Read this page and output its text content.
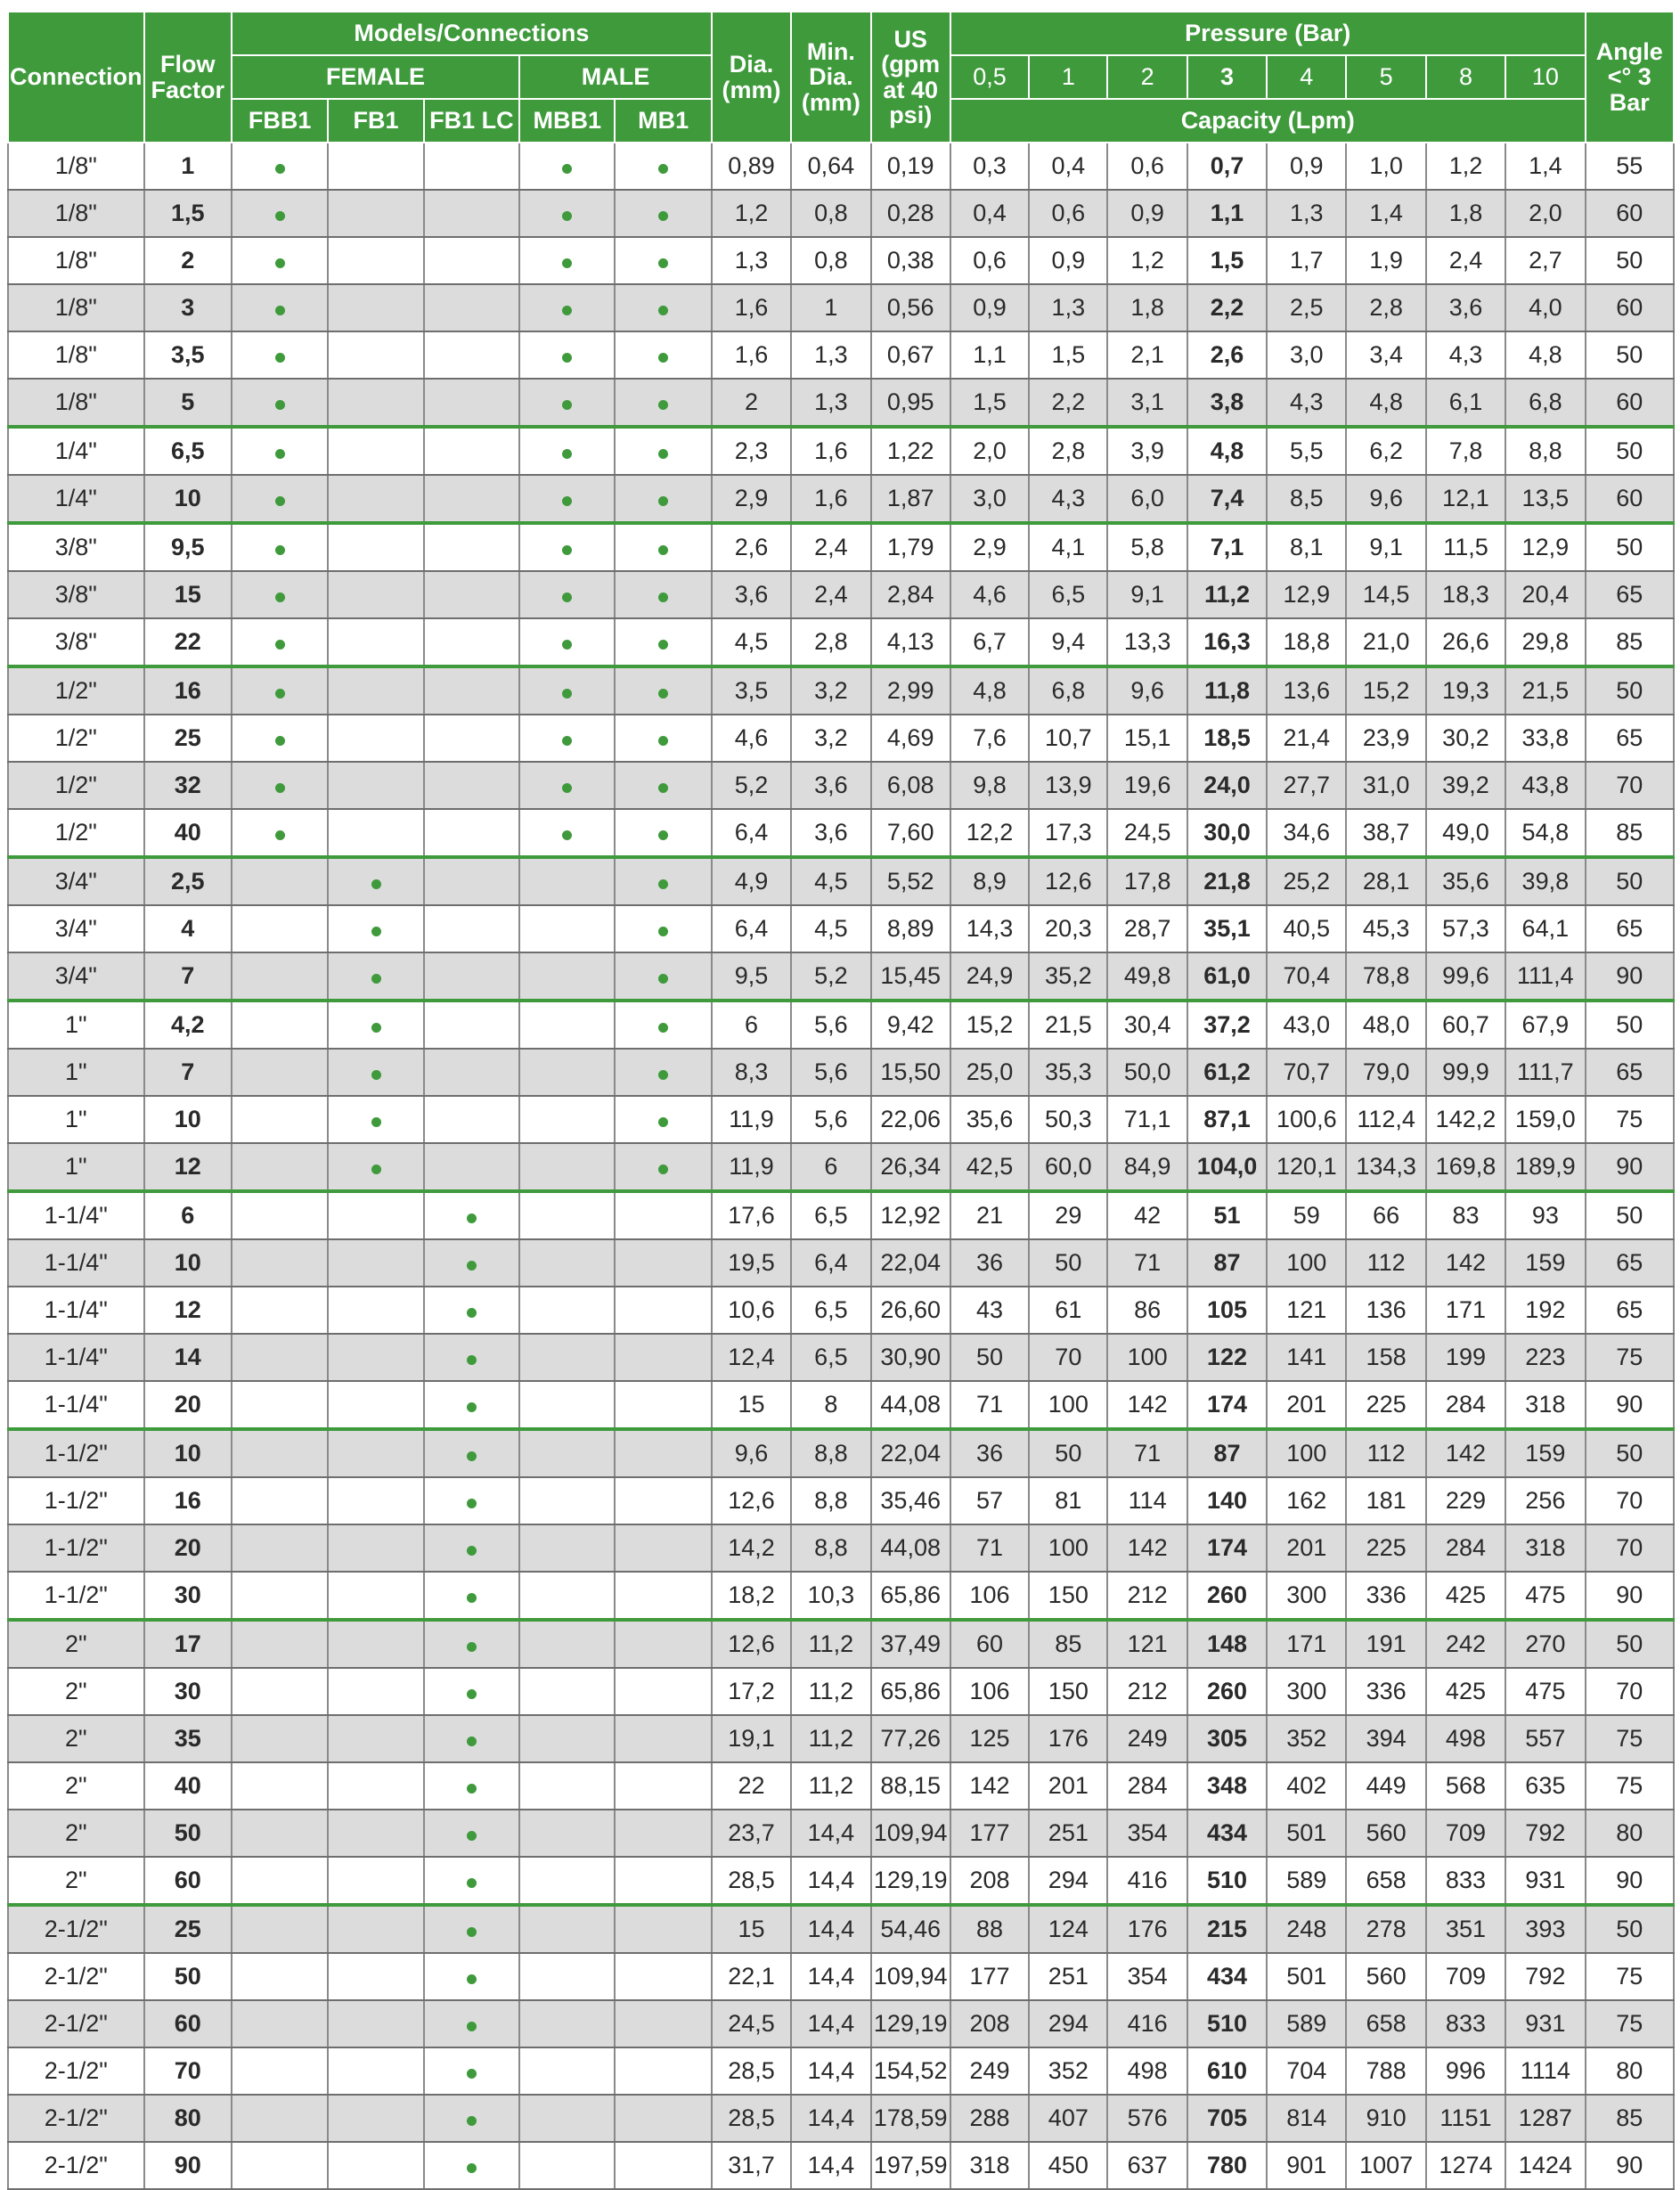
Connection	Flow Factor	Models/Connections					Dia. (mm)	Min. Dia. (mm)	US (gpm at 40 psi)	Pressure (Bar)								Angle <° 3 Bar
		FEMALE			MALE					0,5	1	2	3	4	5	8	10	
		FBB1	FB1	FB1 LC	MBB1	MB1				Capacity (Lpm)								
1/8"	1						0,89	0,64	0,19	0,3	0,4	0,6	0,7	0,9	1,0	1,2	1,4	55
1/8"	1,5						1,2	0,8	0,28	0,4	0,6	0,9	1,1	1,3	1,4	1,8	2,0	60
1/8"	2						1,3	0,8	0,38	0,6	0,9	1,2	1,5	1,7	1,9	2,4	2,7	50
1/8"	3						1,6	1	0,56	0,9	1,3	1,8	2,2	2,5	2,8	3,6	4,0	60
1/8"	3,5						1,6	1,3	0,67	1,1	1,5	2,1	2,6	3,0	3,4	4,3	4,8	50
1/8"	5						2	1,3	0,95	1,5	2,2	3,1	3,8	4,3	4,8	6,1	6,8	60
1/4"	6,5						2,3	1,6	1,22	2,0	2,8	3,9	4,8	5,5	6,2	7,8	8,8	50
1/4"	10						2,9	1,6	1,87	3,0	4,3	6,0	7,4	8,5	9,6	12,1	13,5	60
3/8"	9,5						2,6	2,4	1,79	2,9	4,1	5,8	7,1	8,1	9,1	11,5	12,9	50
3/8"	15						3,6	2,4	2,84	4,6	6,5	9,1	11,2	12,9	14,5	18,3	20,4	65
3/8"	22						4,5	2,8	4,13	6,7	9,4	13,3	16,3	18,8	21,0	26,6	29,8	85
1/2"	16						3,5	3,2	2,99	4,8	6,8	9,6	11,8	13,6	15,2	19,3	21,5	50
1/2"	25						4,6	3,2	4,69	7,6	10,7	15,1	18,5	21,4	23,9	30,2	33,8	65
1/2"	32						5,2	3,6	6,08	9,8	13,9	19,6	24,0	27,7	31,0	39,2	43,8	70
1/2"	40						6,4	3,6	7,60	12,2	17,3	24,5	30,0	34,6	38,7	49,0	54,8	85
3/4"	2,5						4,9	4,5	5,52	8,9	12,6	17,8	21,8	25,2	28,1	35,6	39,8	50
3/4"	4						6,4	4,5	8,89	14,3	20,3	28,7	35,1	40,5	45,3	57,3	64,1	65
3/4"	7						9,5	5,2	15,45	24,9	35,2	49,8	61,0	70,4	78,8	99,6	111,4	90
1"	4,2						6	5,6	9,42	15,2	21,5	30,4	37,2	43,0	48,0	60,7	67,9	50
1"	7						8,3	5,6	15,50	25,0	35,3	50,0	61,2	70,7	79,0	99,9	111,7	65
1"	10						11,9	5,6	22,06	35,6	50,3	71,1	87,1	100,6	112,4	142,2	159,0	75
1"	12						11,9	6	26,34	42,5	60,0	84,9	104,0	120,1	134,3	169,8	189,9	90
1-1/4"	6						17,6	6,5	12,92	21	29	42	51	59	66	83	93	50
1-1/4"	10						19,5	6,4	22,04	36	50	71	87	100	112	142	159	65
1-1/4"	12						10,6	6,5	26,60	43	61	86	105	121	136	171	192	65
1-1/4"	14						12,4	6,5	30,90	50	70	100	122	141	158	199	223	75
1-1/4"	20						15	8	44,08	71	100	142	174	201	225	284	318	90
1-1/2"	10						9,6	8,8	22,04	36	50	71	87	100	112	142	159	50
1-1/2"	16						12,6	8,8	35,46	57	81	114	140	162	181	229	256	70
1-1/2"	20						14,2	8,8	44,08	71	100	142	174	201	225	284	318	70
1-1/2"	30						18,2	10,3	65,86	106	150	212	260	300	336	425	475	90
2"	17						12,6	11,2	37,49	60	85	121	148	171	191	242	270	50
2"	30						17,2	11,2	65,86	106	150	212	260	300	336	425	475	70
2"	35						19,1	11,2	77,26	125	176	249	305	352	394	498	557	75
2"	40						22	11,2	88,15	142	201	284	348	402	449	568	635	75
2"	50						23,7	14,4	109,94	177	251	354	434	501	560	709	792	80
2"	60						28,5	14,4	129,19	208	294	416	510	589	658	833	931	90
2-1/2"	25						15	14,4	54,46	88	124	176	215	248	278	351	393	50
2-1/2"	50						22,1	14,4	109,94	177	251	354	434	501	560	709	792	75
2-1/2"	60						24,5	14,4	129,19	208	294	416	510	589	658	833	931	75
2-1/2"	70						28,5	14,4	154,52	249	352	498	610	704	788	996	1114	80
2-1/2"	80						28,5	14,4	178,59	288	407	576	705	814	910	1151	1287	85
2-1/2"	90						31,7	14,4	197,59	318	450	637	780	901	1007	1274	1424	90
